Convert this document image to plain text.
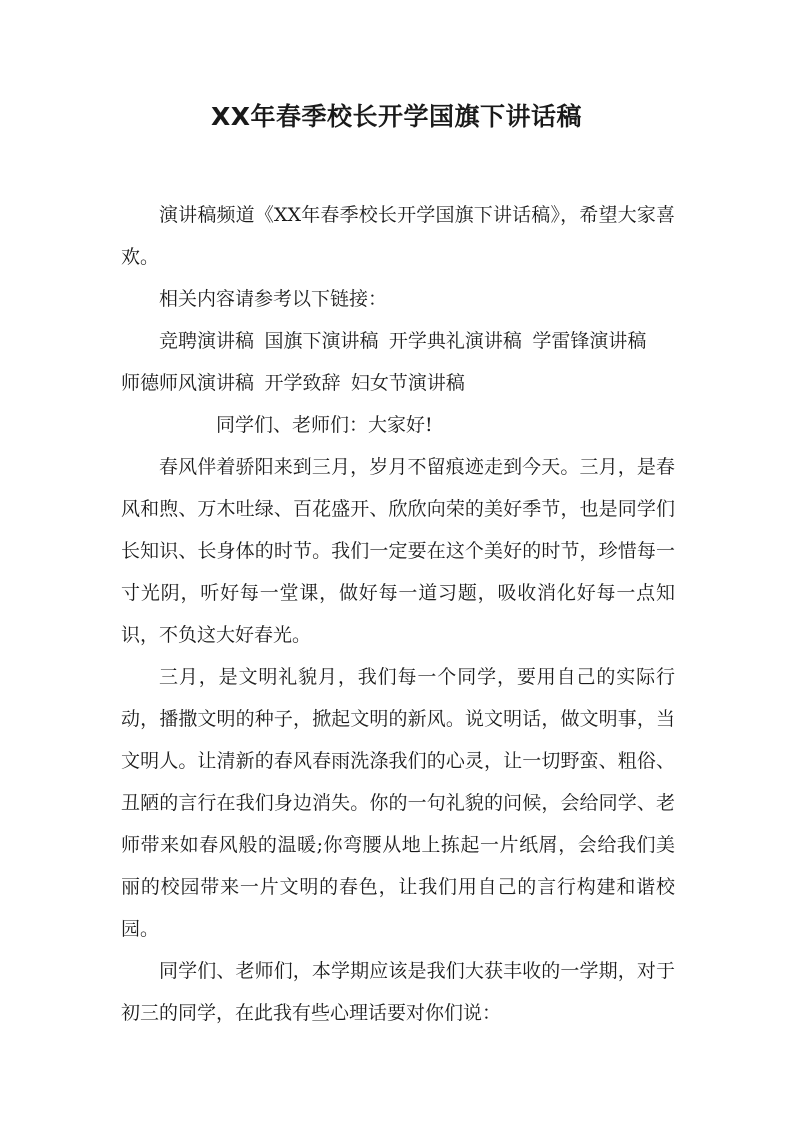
XX年春季校长开学国旗下讲话稿

演讲稿频道《XX年春季校长开学国旗下讲话稿》，希望大家喜欢。

相关内容请参考以下链接：

竞聘演讲稿 国旗下演讲稿 开学典礼演讲稿 学雷锋演讲稿师德师风演讲稿 开学致辞 妇女节演讲稿

同学们、老师们：大家好!

春风伴着骄阳来到三月，岁月不留痕迹走到今天。三月，是春风和煦、万木吐绿、百花盛开、欣欣向荣的美好季节，也是同学们长知识、长身体的时节。我们一定要在这个美好的时节，珍惜每一寸光阴，听好每一堂课，做好每一道习题，吸收消化好每一点知识，不负这大好春光。

三月，是文明礼貌月，我们每一个同学，要用自己的实际行动，播撒文明的种子，掀起文明的新风。说文明话，做文明事，当文明人。让清新的春风春雨洗涤我们的心灵，让一切野蛮、粗俗、丑陋的言行在我们身边消失。你的一句礼貌的问候，会给同学、老师带来如春风般的温暖;你弯腰从地上拣起一片纸屑，会给我们美丽的校园带来一片文明的春色，让我们用自己的言行构建和谐校园。

同学们、老师们，本学期应该是我们大获丰收的一学期，对于初三的同学，在此我有些心理话要对你们说：
